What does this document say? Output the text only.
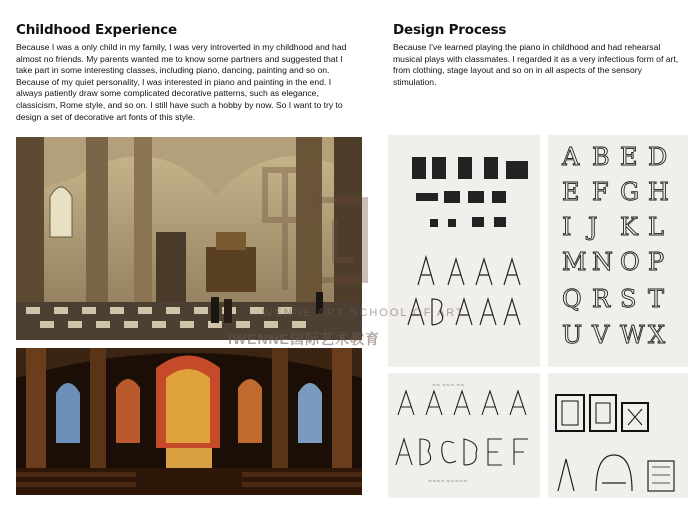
Childhood Experience

Because I was a only child in my family, I was very introverted in my childhood and had almost no friends. My parents wanted me to know some partners and suggested that I take part in some interesting classes, including piano, dancing, painting and so on. Because of my quiet personality, I was interested in piano and painting in the end. I always patiently draw some complicated decorative patterns, such as elegance, classicism, Rome style, and so on. I still have such a hobby by now. So I want to try to design a set of decorative art fonts of this style.

Design Process

Because I've learned playing the piano in childhood and had rehearsal musical plays with classmates. I regarded it as a very infectious form of art, from clothing, stage layout and so on in all aspects of the sensory stimulation.

A B E D
E F G H
I J K L
M N O P
Q R S T
U V W X
~~ ~~~ ~~
~~~~ ~~~~~
WENNE ART SCHOOL OF ART
IWENNE国际艺术教育
